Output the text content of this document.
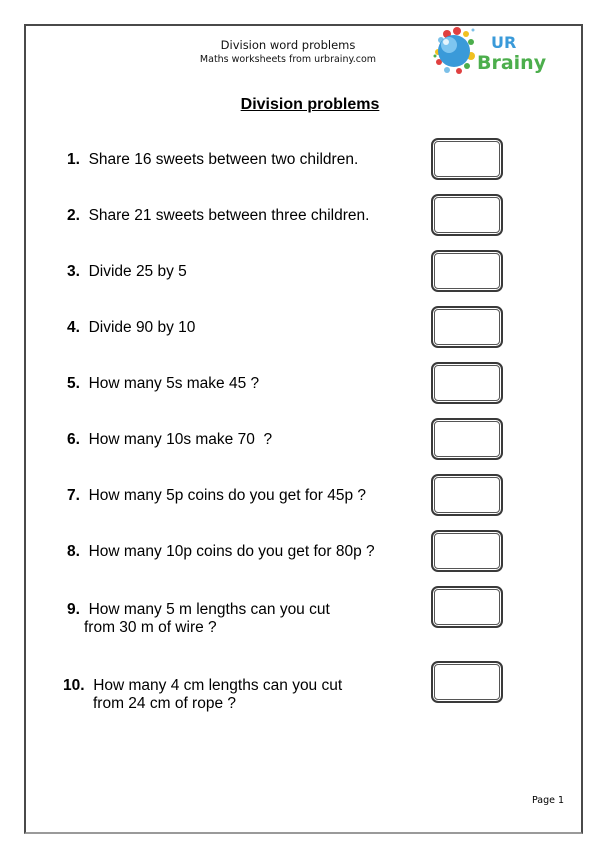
Division word problems
Maths worksheets from urbrainy.com
UR
Brainy
Division problems
1. Share 16 sweets between two children.
2. Share 21 sweets between three children.
3. Divide 25 by 5
4. Divide 90 by 10
5. How many 5s make 45 ?
6. How many 10s make 70  ?
7. How many 5p coins do you get for 45p ?
8. How many 10p coins do you get for 80p ?
9. How many 5 m lengths can you cut
from 30 m of wire ?
10. How many 4 cm lengths can you cut
from 24 cm of rope ?
Page 1
